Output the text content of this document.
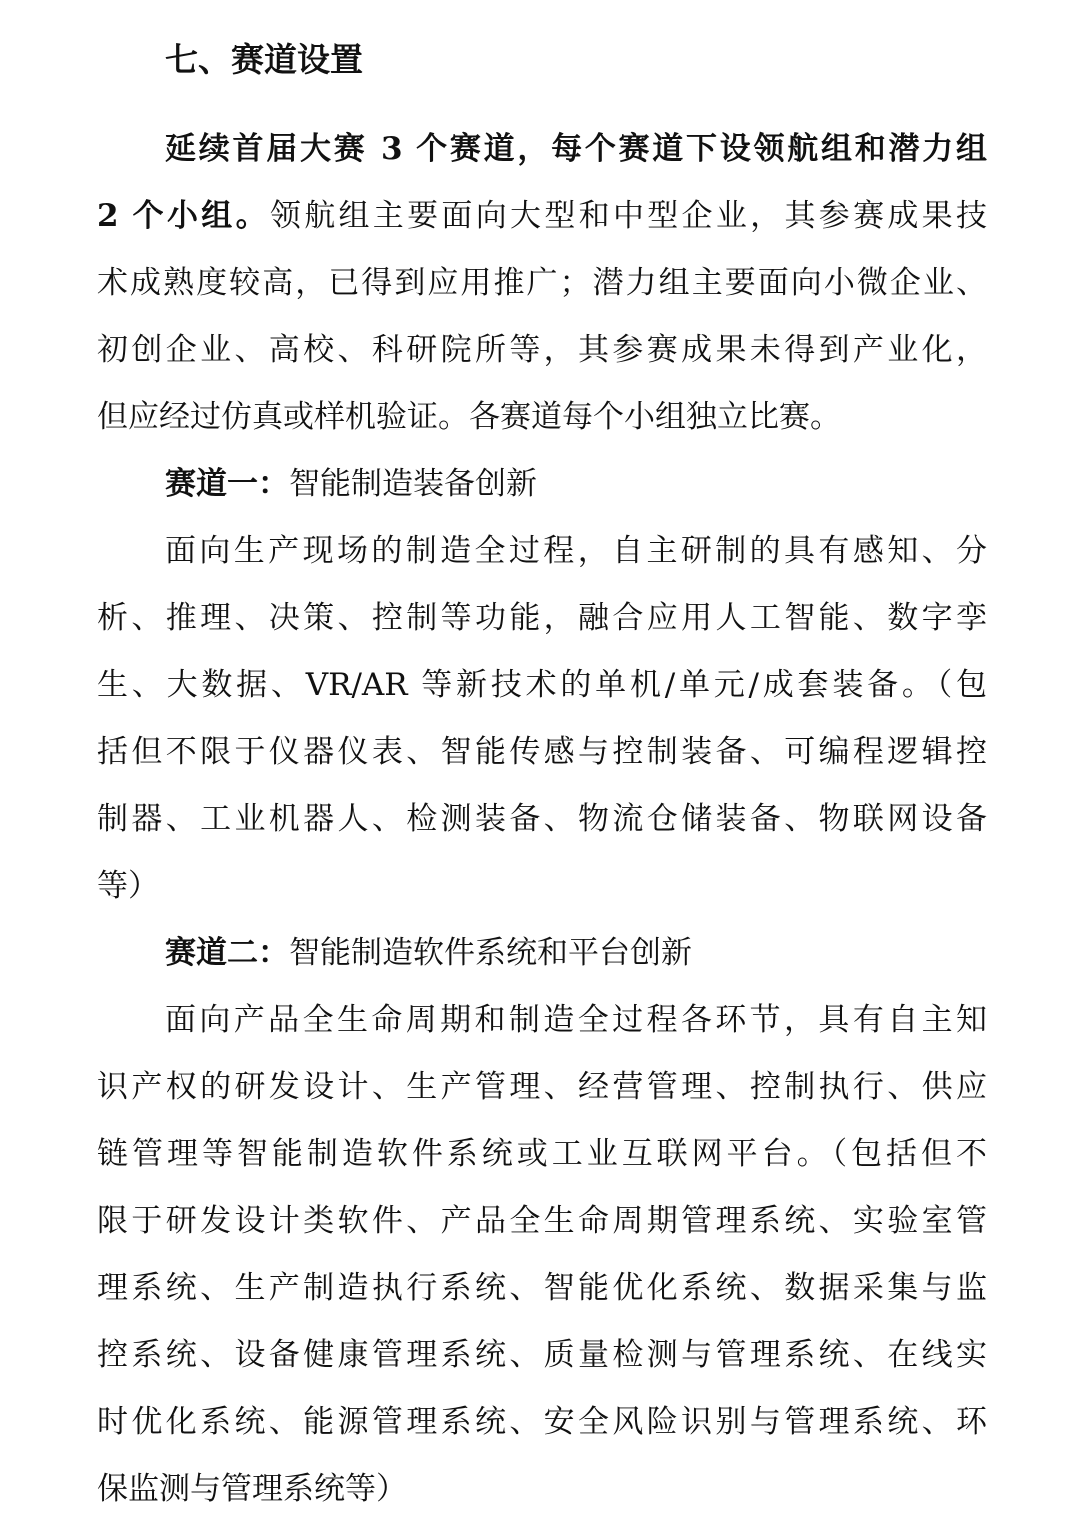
七、赛道设置
延续首届大赛 3 个赛道，每个赛道下设领航组和潜力组
2 个小组。领航组主要面向大型和中型企业，其参赛成果技
术成熟度较高，已得到应用推广；潜力组主要面向小微企业、
初创企业、高校、科研院所等，其参赛成果未得到产业化，
但应经过仿真或样机验证。各赛道每个小组独立比赛。
赛道一：智能制造装备创新
面向生产现场的制造全过程，自主研制的具有感知、分
析、推理、决策、控制等功能，融合应用人工智能、数字孪
生、大数据、VR/AR 等新技术的单机/单元/成套装备。（包
括但不限于仪器仪表、智能传感与控制装备、可编程逻辑控
制器、工业机器人、检测装备、物流仓储装备、物联网设备
等）
赛道二：智能制造软件系统和平台创新
面向产品全生命周期和制造全过程各环节，具有自主知
识产权的研发设计、生产管理、经营管理、控制执行、供应
链管理等智能制造软件系统或工业互联网平台。（包括但不
限于研发设计类软件、产品全生命周期管理系统、实验室管
理系统、生产制造执行系统、智能优化系统、数据采集与监
控系统、设备健康管理系统、质量检测与管理系统、在线实
时优化系统、能源管理系统、安全风险识别与管理系统、环
保监测与管理系统等）
